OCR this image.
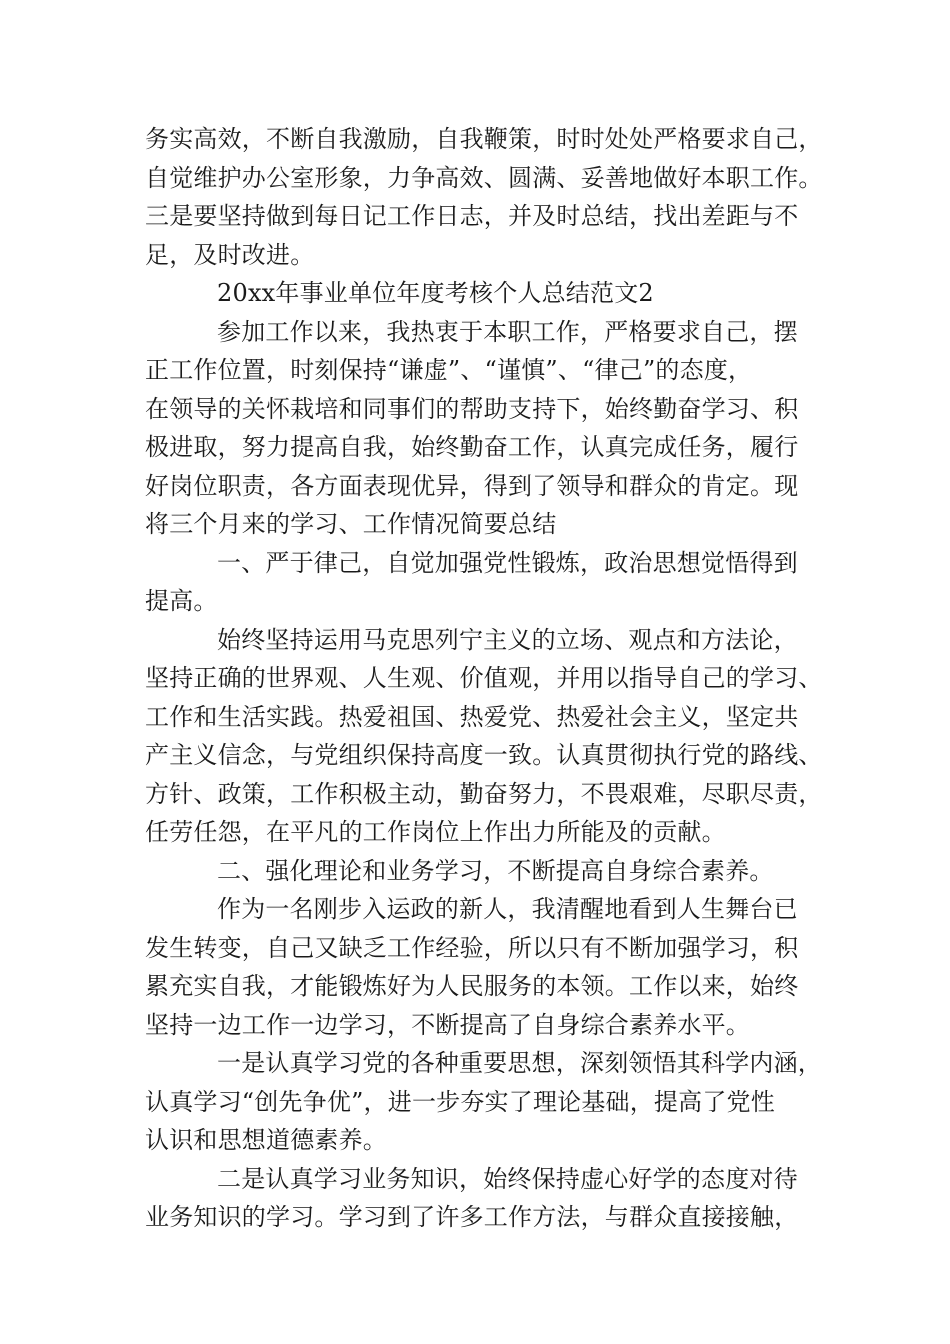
务实高效，不断自我激励，自我鞭策，时时处处严格要求自己，
自觉维护办公室形象，力争高效、圆满、妥善地做好本职工作。
三是要坚持做到每日记工作日志，并及时总结，找出差距与不
足，及时改进。

20xx年事业单位年度考核个人总结范文2

参加工作以来，我热衷于本职工作，严格要求自己，摆
正工作位置，时刻保持“谦虚”、“谨慎”、“律己”的态度，
在领导的关怀栽培和同事们的帮助支持下，始终勤奋学习、积
极进取，努力提高自我，始终勤奋工作，认真完成任务，履行
好岗位职责，各方面表现优异，得到了领导和群众的肯定。现
将三个月来的学习、工作情况简要总结

一、严于律己，自觉加强党性锻炼，政治思想觉悟得到
提高。

始终坚持运用马克思列宁主义的立场、观点和方法论，
坚持正确的世界观、人生观、价值观，并用以指导自己的学习、
工作和生活实践。热爱祖国、热爱党、热爱社会主义，坚定共
产主义信念，与党组织保持高度一致。认真贯彻执行党的路线、
方针、政策，工作积极主动，勤奋努力，不畏艰难，尽职尽责，
任劳任怨，在平凡的工作岗位上作出力所能及的贡献。

二、强化理论和业务学习，不断提高自身综合素养。

作为一名刚步入运政的新人，我清醒地看到人生舞台已
发生转变，自己又缺乏工作经验，所以只有不断加强学习，积
累充实自我，才能锻炼好为人民服务的本领。工作以来，始终
坚持一边工作一边学习，不断提高了自身综合素养水平。

一是认真学习党的各种重要思想，深刻领悟其科学内涵，
认真学习“创先争优”，进一步夯实了理论基础，提高了党性
认识和思想道德素养。

二是认真学习业务知识，始终保持虚心好学的态度对待
业务知识的学习。学习到了许多工作方法，与群众直接接触，
